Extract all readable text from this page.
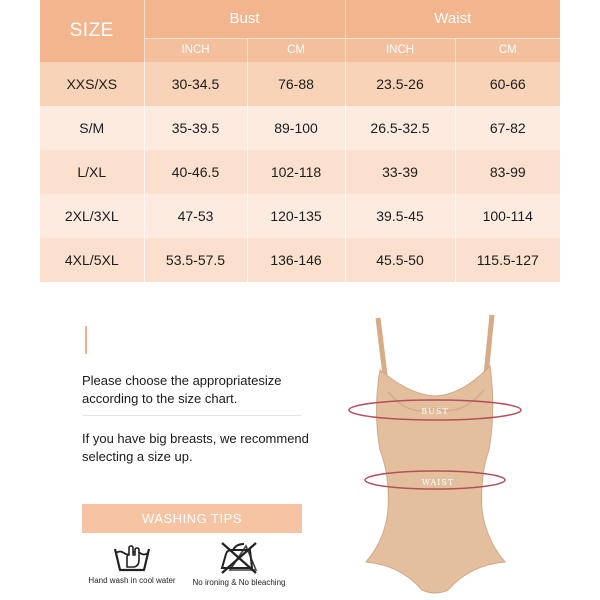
SIZE	Bust		Waist	
	INCH	CM	INCH	CM

XXS/XS	30-34.5	76-88	23.5-26	60-66
S/M	35-39.5	89-100	26.5-32.5	67-82
L/XL	40-46.5	102-118	33-39	83-99
2XL/3XL	47-53	120-135	39.5-45	100-114
4XL/5XL	53.5-57.5	136-146	45.5-50	115.5-127

Please choose the appropriatesize according to the size chart.

If you have big breasts, we recommend selecting a size up.

WASHING TIPS
Hand wash in cool water	No ironing & No bleaching
BUST
WAIST
